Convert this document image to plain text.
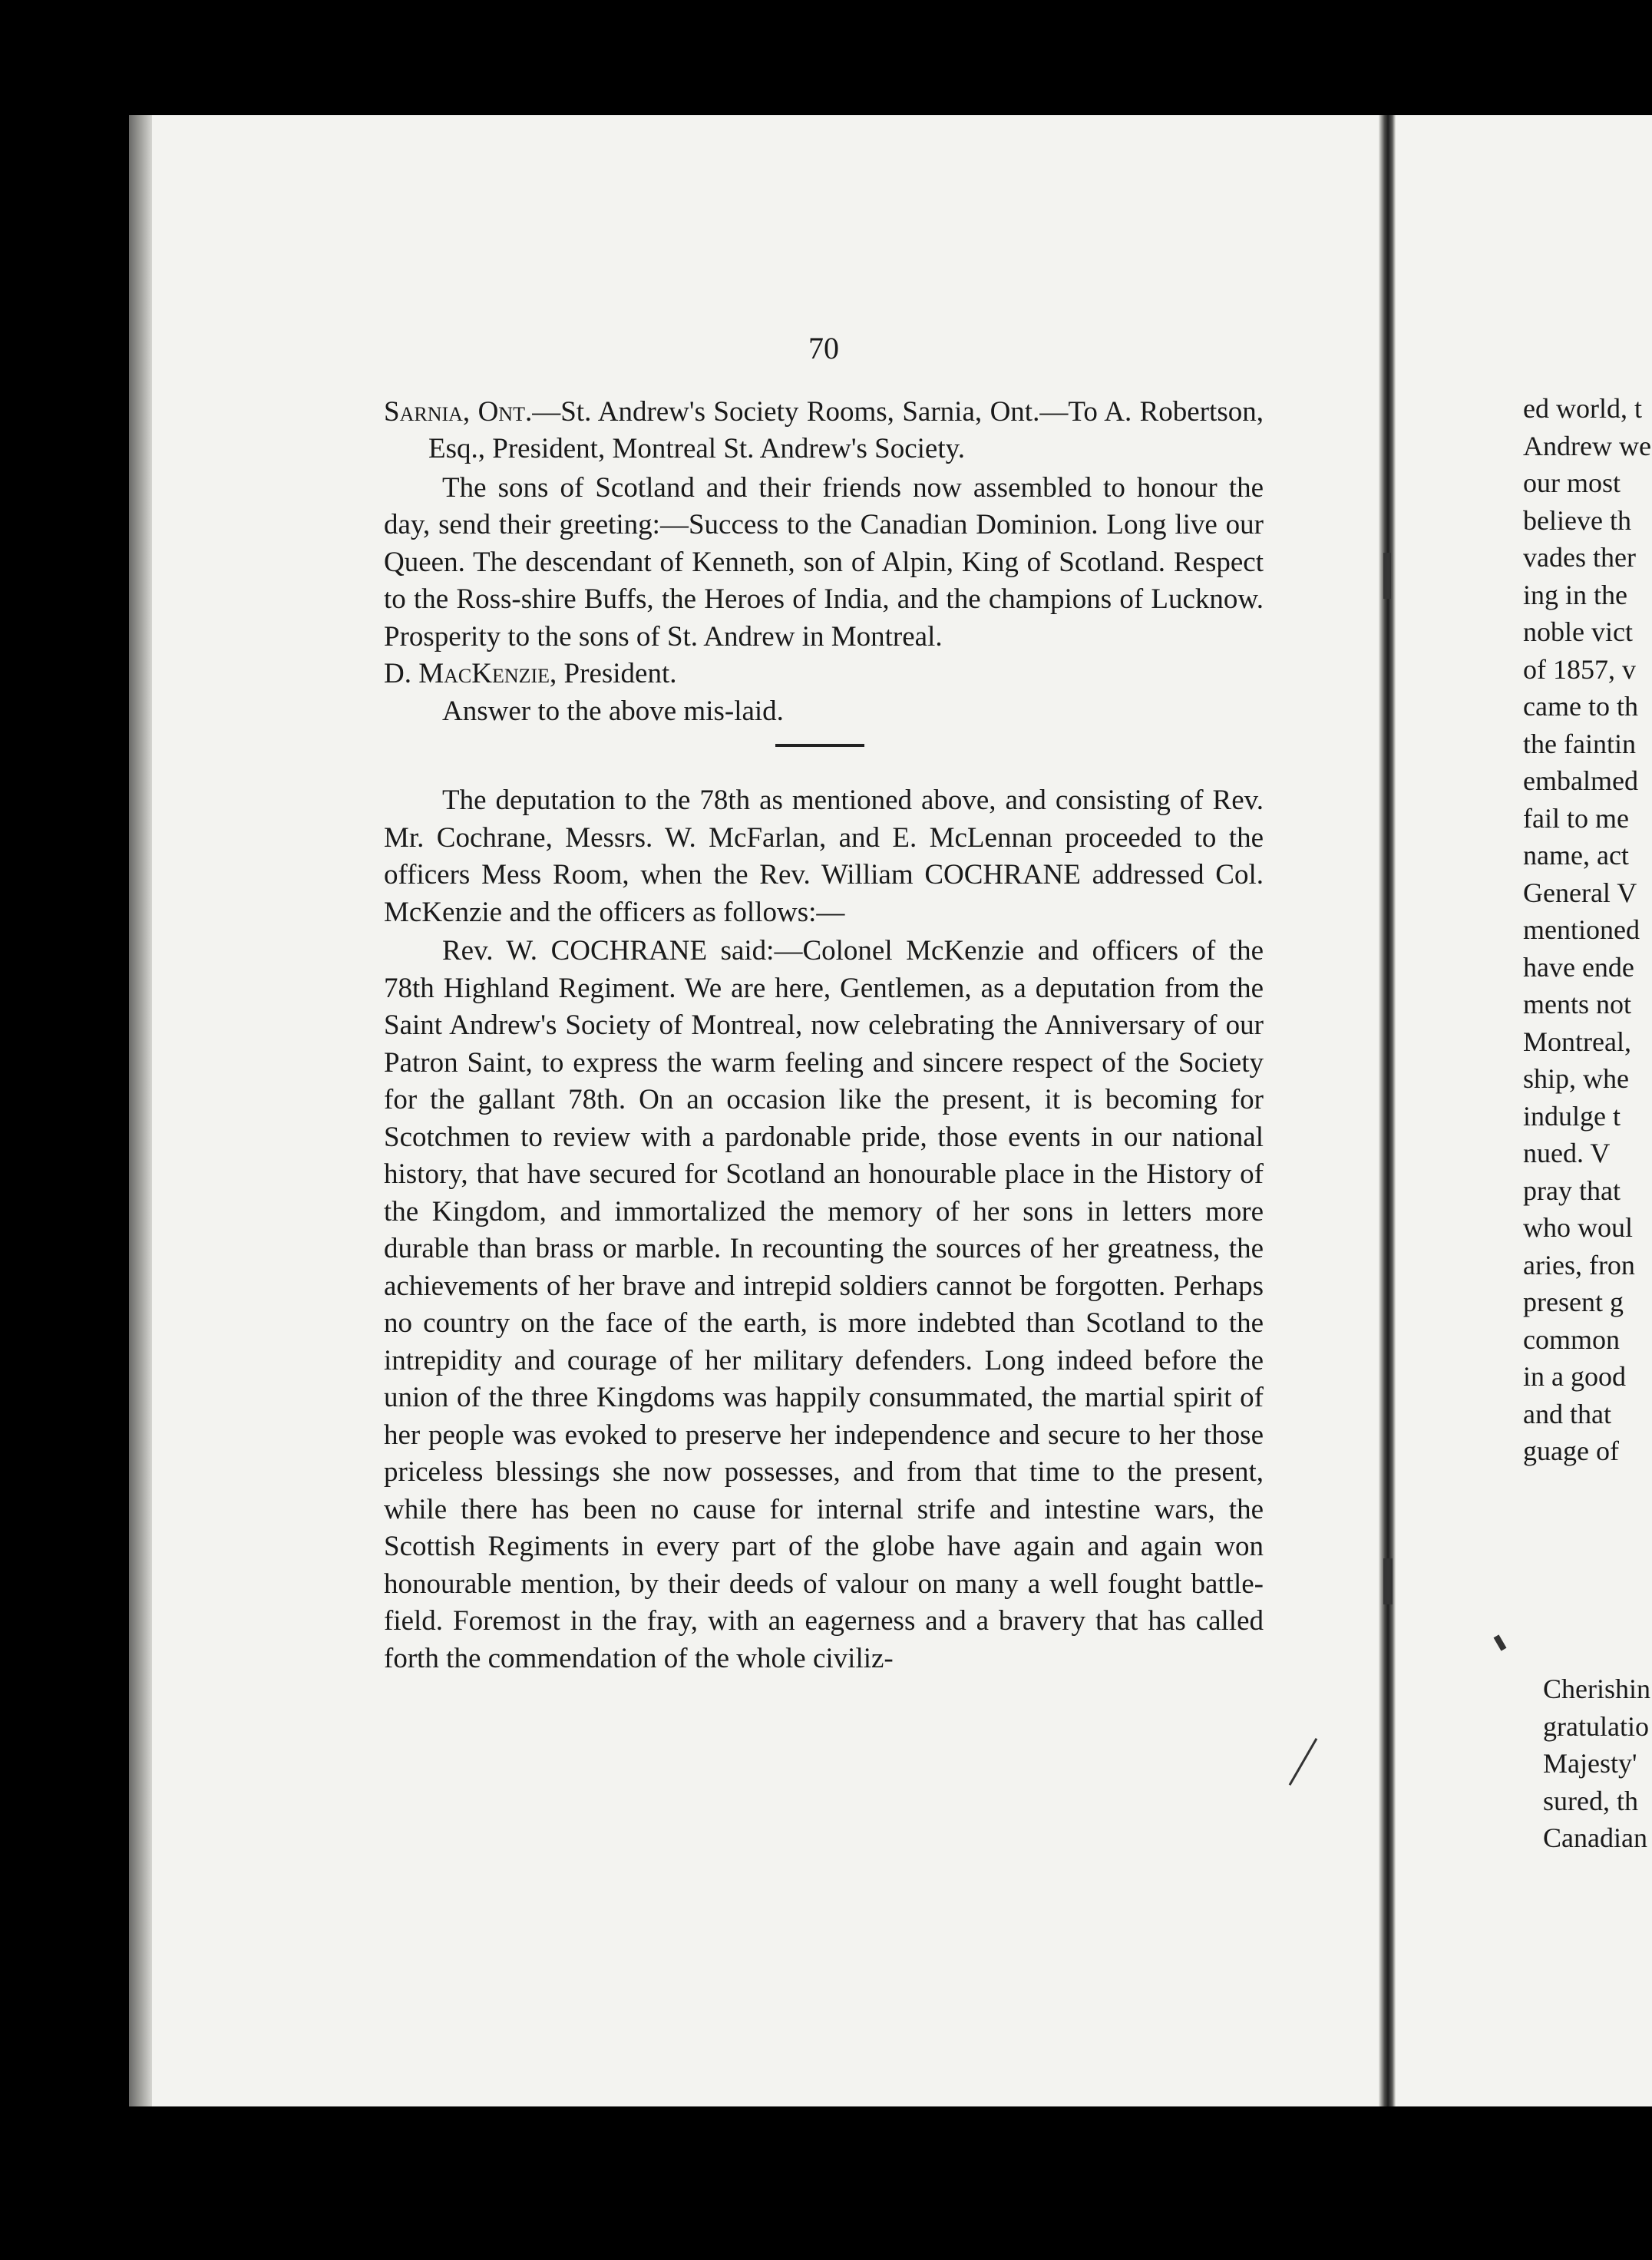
70

Sarnia, Ont.—St. Andrew's Society Rooms, Sarnia, Ont.—To A. Robertson, Esq., President, Montreal St. Andrew's Society.

The sons of Scotland and their friends now assembled to honour the day, send their greeting:—Success to the Canadian Dominion. Long live our Queen. The descendant of Kenneth, son of Alpin, King of Scotland. Respect to the Ross-shire Buffs, the Heroes of India, and the champions of Lucknow. Prosperity to the sons of St. Andrew in Montreal.

D. MacKenzie, President.

Answer to the above mis-laid.

The deputation to the 78th as mentioned above, and consisting of Rev. Mr. Cochrane, Messrs. W. McFarlan, and E. McLennan proceeded to the officers Mess Room, when the Rev. William COCHRANE addressed Col. McKenzie and the officers as follows:—

Rev. W. COCHRANE said:—Colonel McKenzie and officers of the 78th Highland Regiment. We are here, Gentlemen, as a deputation from the Saint Andrew's Society of Montreal, now celebrating the Anniversary of our Patron Saint, to express the warm feeling and sincere respect of the Society for the gallant 78th. On an occasion like the present, it is becoming for Scotchmen to review with a pardonable pride, those events in our national history, that have secured for Scotland an honourable place in the History of the Kingdom, and immortalized the memory of her sons in letters more durable than brass or marble. In recounting the sources of her greatness, the achievements of her brave and intrepid soldiers cannot be forgotten. Perhaps no country on the face of the earth, is more indebted than Scotland to the intrepidity and courage of her military defenders. Long indeed before the union of the three Kingdoms was happily consummated, the martial spirit of her people was evoked to preserve her independence and secure to her those priceless blessings she now possesses, and from that time to the present, while there has been no cause for internal strife and intestine wars, the Scottish Regiments in every part of the globe have again and again won honourable mention, by their deeds of valour on many a well fought battle-field. Foremost in the fray, with an eagerness and a bravery that has called forth the commendation of the whole civiliz-

ed world, t
Andrew we
our most
believe th
vades ther
ing in the
noble vict
of 1857, v
came to th
the faintin
embalmed
fail to me
name, act
General V
mentioned
have ende
ments not
Montreal,
ship, whe
indulge t
nued. V
pray that
who woul
aries, fron
present g
common
in a good
and that
guage of
Cherishin
gratulatio
Majesty'
sured, th
Canadian
